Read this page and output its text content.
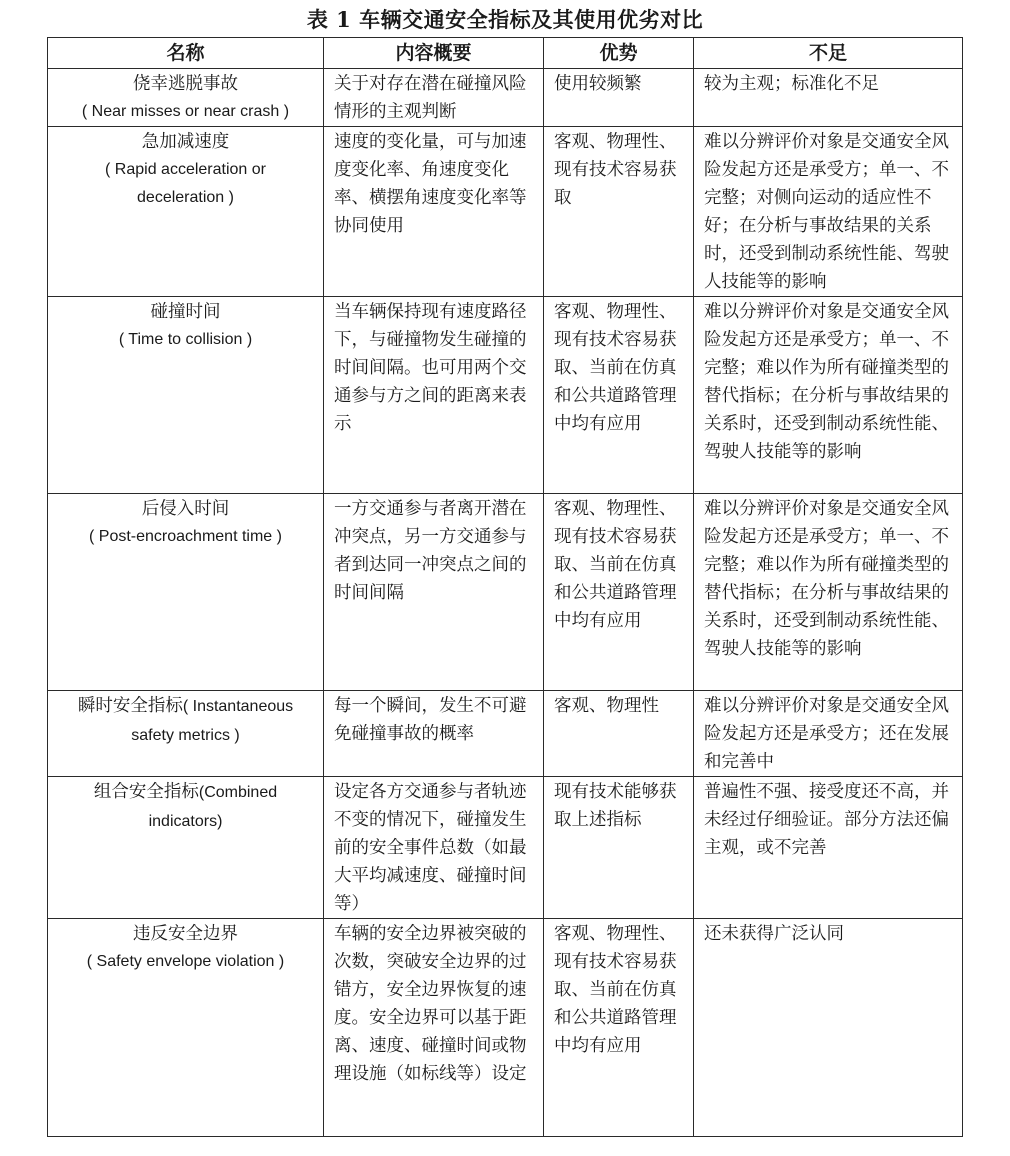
表 1 车辆交通安全指标及其使用优劣对比
名称	内容概要	优势	不足

侥幸逃脱事故
( Near misses or near crash )	关于对存在潜在碰撞风险情形的主观判断	使用较频繁	较为主观；标准化不足

急加减速度
( Rapid acceleration or deceleration )	速度的变化量，可与加速度变化率、角速度变化率、横摆角速度变化率等协同使用	客观、物理性、现有技术容易获取	难以分辨评价对象是交通安全风险发起方还是承受方；单一、不完整；对侧向运动的适应性不好；在分析与事故结果的关系时，还受到制动系统性能、驾驶人技能等的影响

碰撞时间
( Time to collision )	当车辆保持现有速度路径下，与碰撞物发生碰撞的时间间隔。也可用两个交通参与方之间的距离来表示	客观、物理性、现有技术容易获取、当前在仿真和公共道路管理中均有应用	难以分辨评价对象是交通安全风险发起方还是承受方；单一、不完整；难以作为所有碰撞类型的替代指标；在分析与事故结果的关系时，还受到制动系统性能、驾驶人技能等的影响

后侵入时间
( Post-encroachment time )	一方交通参与者离开潜在冲突点，另一方交通参与者到达同一冲突点之间的时间间隔	客观、物理性、现有技术容易获取、当前在仿真和公共道路管理中均有应用	难以分辨评价对象是交通安全风险发起方还是承受方；单一、不完整；难以作为所有碰撞类型的替代指标；在分析与事故结果的关系时，还受到制动系统性能、驾驶人技能等的影响
瞬时安全指标( Instantaneous safety metrics )	每一个瞬间，发生不可避免碰撞事故的概率	客观、物理性	难以分辨评价对象是交通安全风险发起方还是承受方；还在发展和完善中
组合安全指标(Combined indicators)	设定各方交通参与者轨迹不变的情况下，碰撞发生前的安全事件总数（如最大平均减速度、碰撞时间等）	现有技术能够获取上述指标	普遍性不强、接受度还不高，并未经过仔细验证。部分方法还偏主观，或不完善

违反安全边界
( Safety envelope violation )	车辆的安全边界被突破的次数，突破安全边界的过错方，安全边界恢复的速度。安全边界可以基于距离、速度、碰撞时间或物理设施（如标线等）设定	客观、物理性、现有技术容易获取、当前在仿真和公共道路管理中均有应用	还未获得广泛认同
